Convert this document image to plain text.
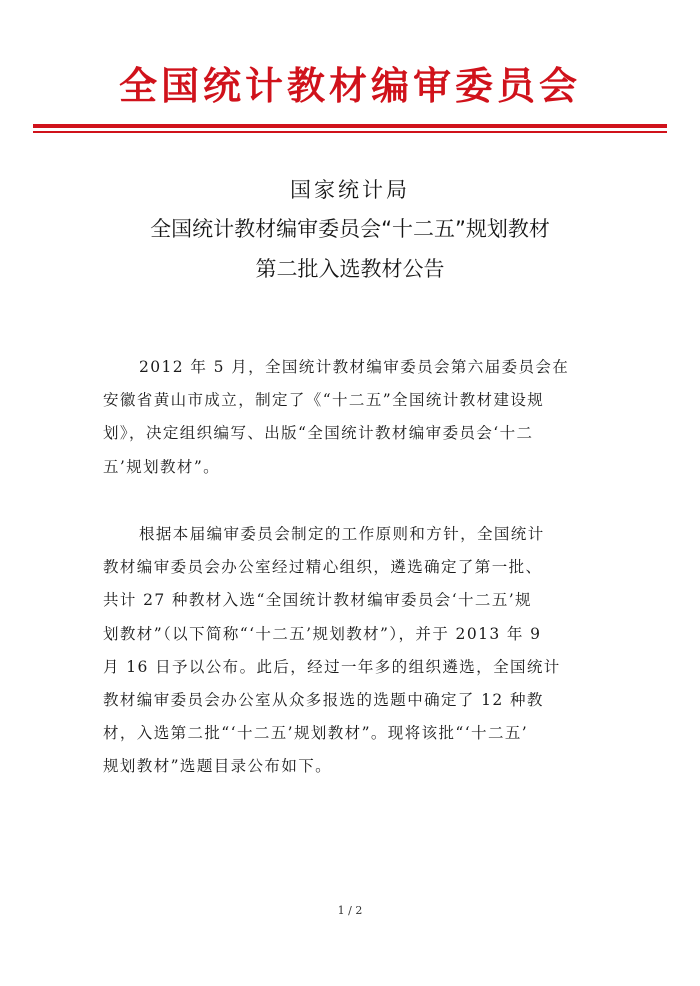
全国统计教材编审委员会
国家统计局
全国统计教材编审委员会“十二五”规划教材
第二批入选教材公告
2012 年 5 月，全国统计教材编审委员会第六届委员会在
安徽省黄山市成立，制定了《“十二五”全国统计教材建设规
划》，决定组织编写、出版“全国统计教材编审委员会‘十二
五’规划教材”。
根据本届编审委员会制定的工作原则和方针，全国统计
教材编审委员会办公室经过精心组织，遴选确定了第一批、
共计 27 种教材入选“全国统计教材编审委员会‘十二五’规
划教材”（以下简称“‘十二五’规划教材”），并于 2013 年 9
月 16 日予以公布。此后，经过一年多的组织遴选，全国统计
教材编审委员会办公室从众多报选的选题中确定了 12 种教
材，入选第二批“‘十二五’规划教材”。现将该批“‘十二五’
规划教材”选题目录公布如下。
1 / 2
